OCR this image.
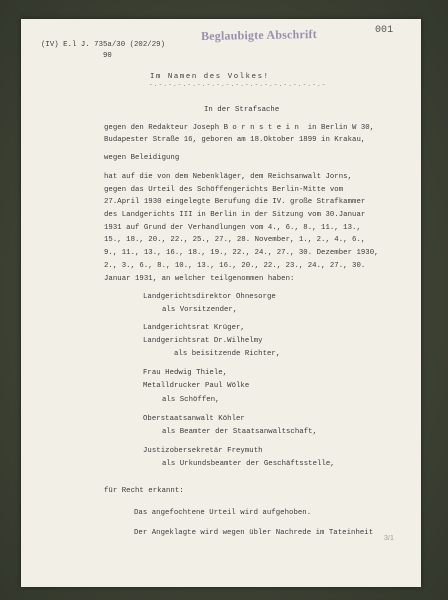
Beglaubigte Abschrift	001
(IV) E.l J. 735a/30 (202/29)
90
Im Namen des Volkes!
-.-.-.-.-.-.-.-.-.-.-.-.-.-.-.-.-.-.-
In der Strafsache
gegen den Redakteur Joseph B o r n s t e i n  in Berlin W 30,
Budapester Straße 16, geboren am 18.Oktober 1899 in Krakau,
wegen Beleidigung
hat auf die von dem Nebenkläger, dem Reichsanwalt Jorns,
gegen das Urteil des Schöffengerichts Berlin-Mitte vom
27.April 1930 eingelegte Berufung die IV. große Strafkammer
des Landgerichts III in Berlin in der Sitzung vom 30.Januar
1931 auf Grund der Verhandlungen vom 4., 6., 8., 11., 13.,
15., 18., 20., 22., 25., 27., 28. November, 1., 2., 4., 6.,
9., 11., 13., 16., 18., 19., 22., 24., 27., 30. Dezember 1930,
2., 3., 6., 8., 10., 13., 16., 20., 22., 23., 24., 27., 30.
Januar 1931, an welcher teilgenommen haben:
Landgerichtsdirektor Ohnesorge
als Vorsitzender,
Landgerichtsrat Krüger,
Landgerichtsrat Dr.Wilhelmy
als beisitzende Richter,
Frau Hedwig Thiele,
Metalldrucker Paul Wölke
als Schöffen,
Oberstaatsanwalt Köhler
als Beamter der Staatsanwaltschaft,
Justizobersekretär Freymuth
als Urkundsbeamter der Geschäftsstelle,
für Recht erkannt:
Das angefochtene Urteil wird aufgehoben.
Der Angeklagte wird wegen übler Nachrede im Tateinheit
3/1
